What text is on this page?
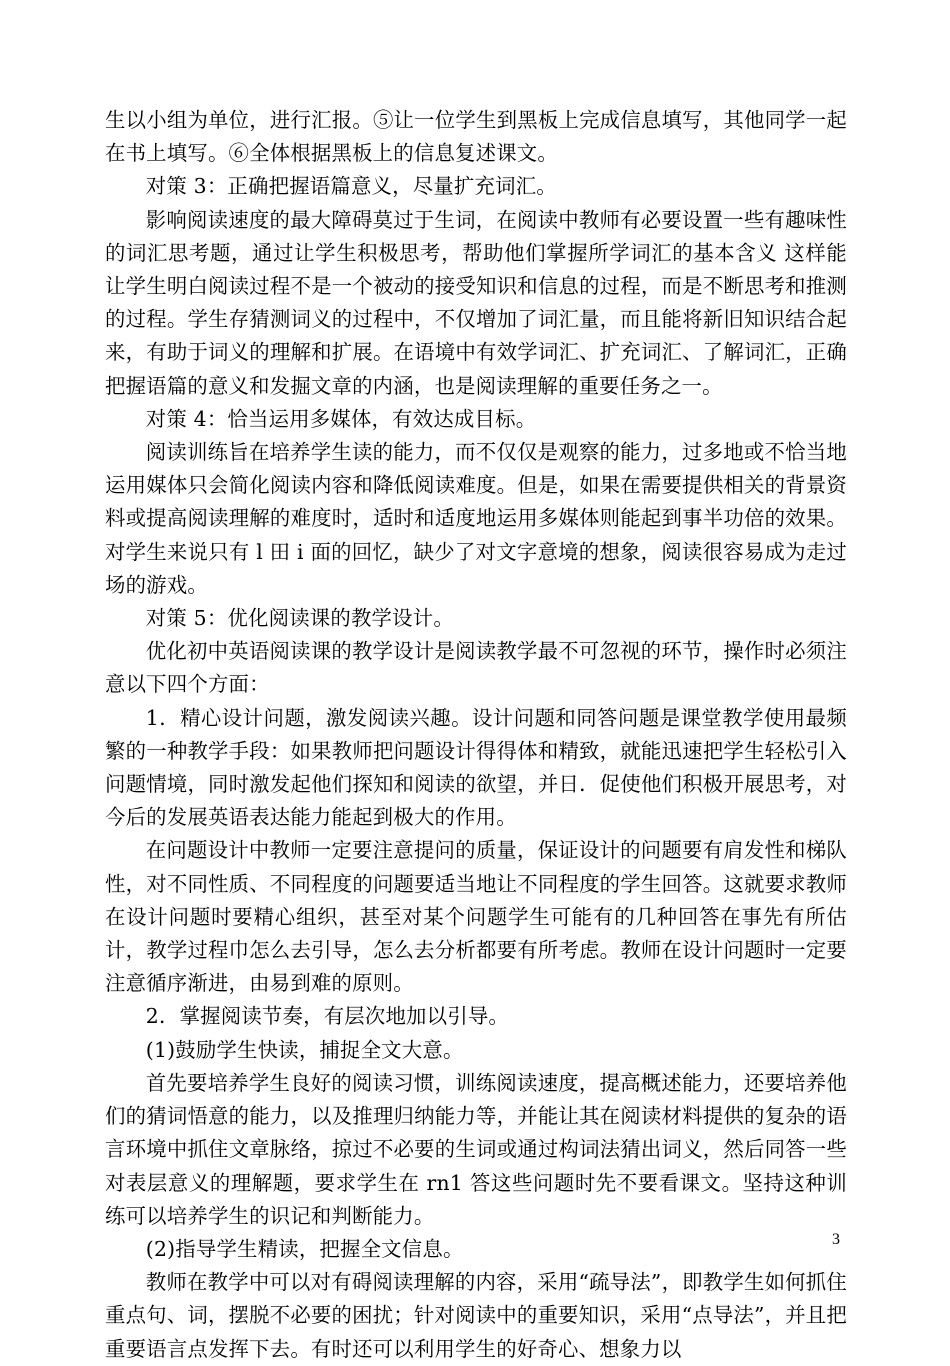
生以小组为单位，进行汇报。⑤让一位学生到黑板上完成信息填写，其他同学一起在书上填写。⑥全体根据黑板上的信息复述课文。

对策 3：正确把握语篇意义，尽量扩充词汇。

影响阅读速度的最大障碍莫过于生词，在阅读中教师有必要设置一些有趣味性的词汇思考题，通过让学生积极思考，帮助他们掌握所学词汇的基本含义 这样能让学生明白阅读过程不是一个被动的接受知识和信息的过程，而是不断思考和推测的过程。学生存猜测词义的过程中，不仅增加了词汇量，而且能将新旧知识结合起来，有助于词义的理解和扩展。在语境中有效学词汇、扩充词汇、了解词汇，正确把握语篇的意义和发掘文章的内涵，也是阅读理解的重要任务之一。

对策 4：恰当运用多媒体，有效达成目标。

阅读训练旨在培养学生读的能力，而不仅仅是观察的能力，过多地或不恰当地运用媒体只会简化阅读内容和降低阅读难度。但是，如果在需要提供相关的背景资料或提高阅读理解的难度时，适时和适度地运用多媒体则能起到事半功倍的效果。对学生来说只有 l 田 i 面的回忆，缺少了对文字意境的想象，阅读很容易成为走过场的游戏。

对策 5：优化阅读课的教学设计。

优化初中英语阅读课的教学设计是阅读教学最不可忽视的环节，操作时必须注意以下四个方面：

1．精心设计问题，激发阅读兴趣。设计问题和同答问题是课堂教学使用最频繁的一种教学手段：如果教师把问题设计得得体和精致，就能迅速把学生轻松引入问题情境，同时激发起他们探知和阅读的欲望，并日．促使他们积极开展思考，对今后的发展英语表达能力能起到极大的作用。

在问题设计中教师一定要注意提问的质量，保证设计的问题要有肩发性和梯队性，对不同性质、不同程度的问题要适当地让不同程度的学生回答。这就要求教师在设计问题时要精心组织，甚至对某个问题学生可能有的几种回答在事先有所估计，教学过程巾怎么去引导，怎么去分析都要有所考虑。教师在设计问题时一定要注意循序渐进，由易到难的原则。

2．掌握阅读节奏，有层次地加以引导。

(1)鼓励学生快读，捕捉全文大意。

首先要培养学生良好的阅读习惯，训练阅读速度，提高概述能力，还要培养他们的猜词悟意的能力，以及推理归纳能力等，并能让其在阅读材料提供的复杂的语言环境中抓住文章脉络，掠过不必要的生词或通过构词法猜出词义，然后同答一些对表层意义的理解题，要求学生在 rn1 答这些问题时先不要看课文。坚持这种训练可以培养学生的识记和判断能力。

(2)指导学生精读，把握全文信息。

教师在教学中可以对有碍阅读理解的内容，采用“疏导法”，即教学生如何抓住重点句、词，摆脱不必要的困扰；针对阅读中的重要知识，采用“点导法”，并且把重要语言点发挥下去。有时还可以利用学生的好奇心、想象力以

3
